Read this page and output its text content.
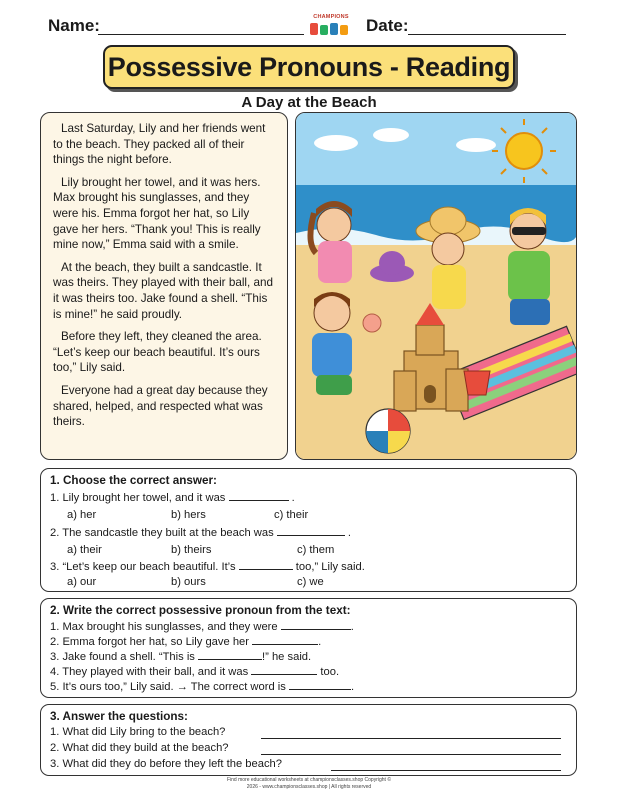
Name:	CHAMPIONS	Date:
Possessive Pronouns - Reading
A Day at the Beach

Last Saturday, Lily and her friends went to the beach. They packed all of their things the night before.

Lily brought her towel, and it was hers. Max brought his sunglasses, and they were his. Emma forgot her hat, so Lily gave her hers. “Thank you! This is really mine now,” Emma said with a smile.

At the beach, they built a sandcastle. It was theirs. They played with their ball, and it was theirs too. Jake found a shell. “This is mine!” he said proudly.

Before they left, they cleaned the area. “Let’s keep our beach beautiful. It’s ours too,” Lily said.

Everyone had a great day because they shared, helped, and respected what was theirs.

1. Choose the correct answer:
1. Lily brought her towel, and it was	.
a) her	b) hers	c) their
2. The sandcastle they built at the beach was	.
a) their	b) theirs	c) them
3. “Let’s keep our beach beautiful. It’s	too,” Lily said.
a) our	b) ours	c) we
2. Write the correct possessive pronoun from the text:
1. Max brought his sunglasses, and they were	.
2. Emma forgot her hat, so Lily gave her	.
3. Jake found a shell. “This is	!” he said.
4. They played with their ball, and it was	too.
5. It’s ours too,” Lily said. → The correct word is	.
3. Answer the questions:
1. What did Lily bring to the beach?
2. What did they build at the beach?
3. What did they do before they left the beach?
Find more educational worksheets at championsclasses.shop Copyright ©
2026 - www.championsclasses.shop | All rights reserved
